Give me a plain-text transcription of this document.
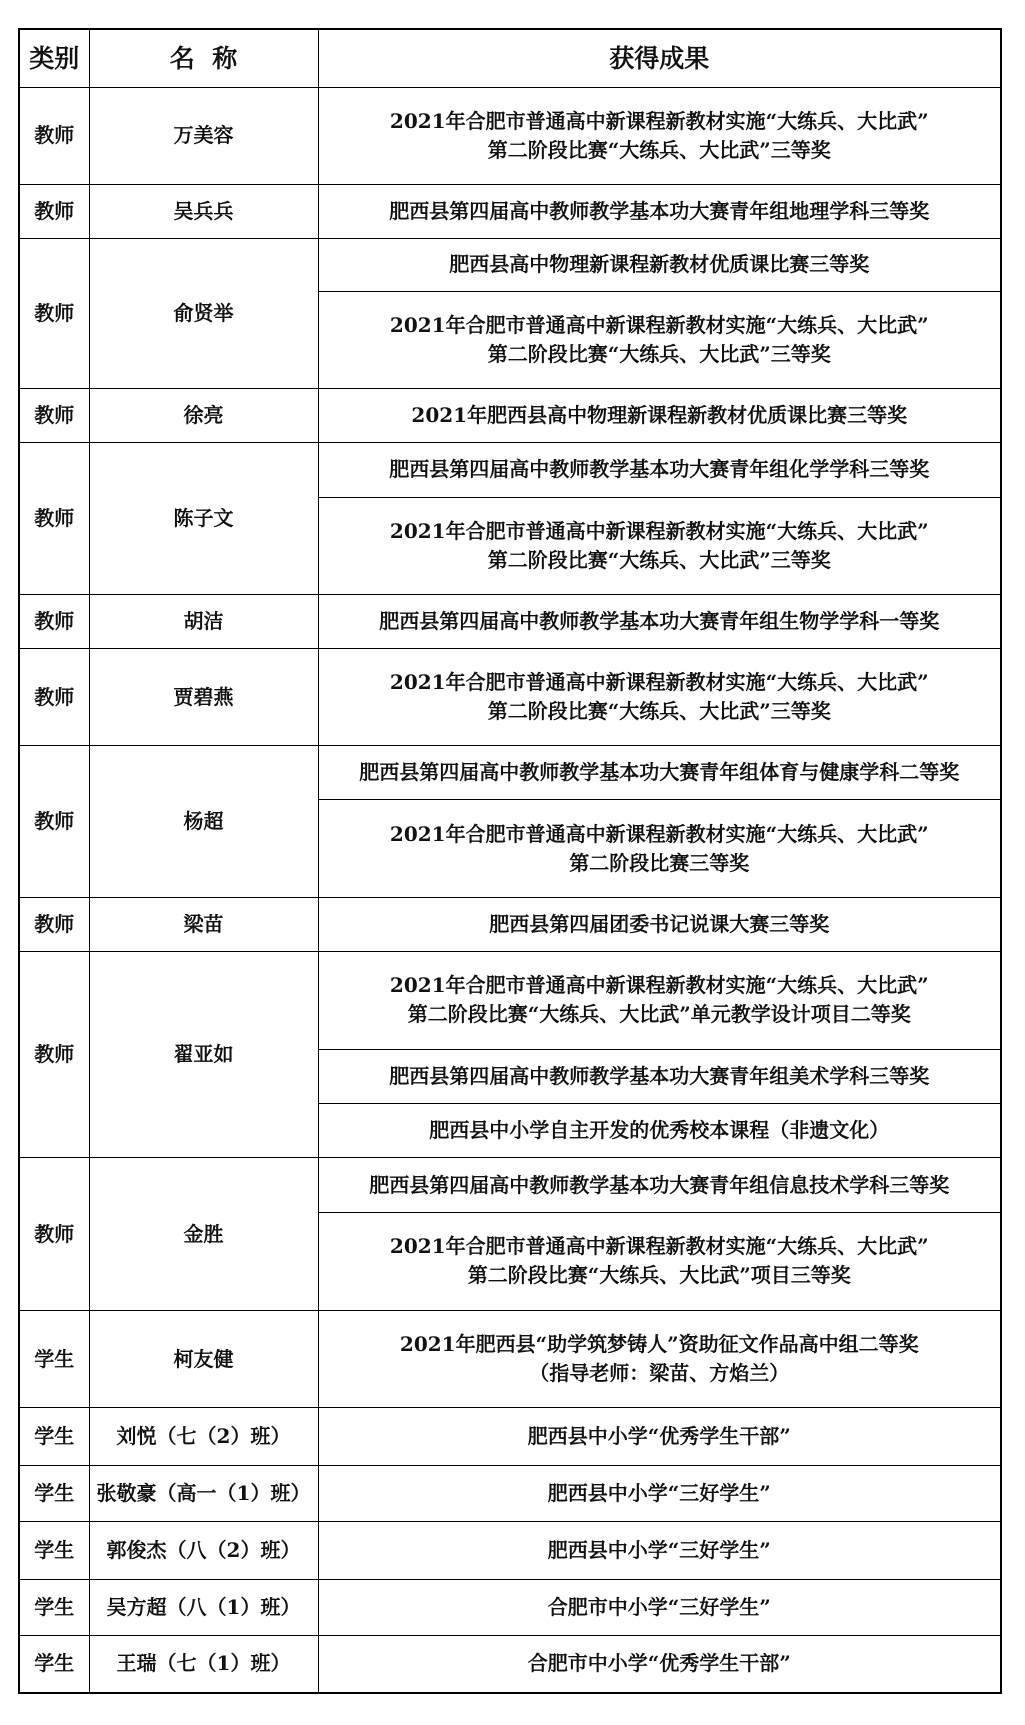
类别	名  称	获得成果
教师	万美容	2021年合肥市普通高中新课程新教材实施“大练兵、大比武”
第二阶段比赛“大练兵、大比武”三等奖

教师	吴兵兵	肥西县第四届高中教师教学基本功大赛青年组地理学科三等奖

教师	俞贤举	肥西县高中物理新课程新教材优质课比赛三等奖

		2021年合肥市普通高中新课程新教材实施“大练兵、大比武”
第二阶段比赛“大练兵、大比武”三等奖

教师	徐亮	2021年肥西县高中物理新课程新教材优质课比赛三等奖

教师	陈子文	肥西县第四届高中教师教学基本功大赛青年组化学学科三等奖

		2021年合肥市普通高中新课程新教材实施“大练兵、大比武”
第二阶段比赛“大练兵、大比武”三等奖

教师	胡洁	肥西县第四届高中教师教学基本功大赛青年组生物学学科一等奖

教师	贾碧燕	2021年合肥市普通高中新课程新教材实施“大练兵、大比武”
第二阶段比赛“大练兵、大比武”三等奖

教师	杨超	肥西县第四届高中教师教学基本功大赛青年组体育与健康学科二等奖

		2021年合肥市普通高中新课程新教材实施“大练兵、大比武”
第二阶段比赛三等奖

教师	梁苗	肥西县第四届团委书记说课大赛三等奖

教师	翟亚如	2021年合肥市普通高中新课程新教材实施“大练兵、大比武”
第二阶段比赛“大练兵、大比武”单元教学设计项目二等奖

		肥西县第四届高中教师教学基本功大赛青年组美术学科三等奖

		肥西县中小学自主开发的优秀校本课程（非遗文化）

教师	金胜	肥西县第四届高中教师教学基本功大赛青年组信息技术学科三等奖

		2021年合肥市普通高中新课程新教材实施“大练兵、大比武”
第二阶段比赛“大练兵、大比武”项目三等奖

学生	柯友健	2021年肥西县“助学筑梦铸人”资助征文作品高中组二等奖
（指导老师：梁苗、方焰兰）

学生	刘悦（七（2）班）	肥西县中小学“优秀学生干部”

学生	张敬豪（高一（1）班）	肥西县中小学“三好学生”

学生	郭俊杰（八（2）班）	肥西县中小学“三好学生”

学生	吴方超（八（1）班）	合肥市中小学“三好学生”

学生	王瑞（七（1）班）	合肥市中小学“优秀学生干部”
